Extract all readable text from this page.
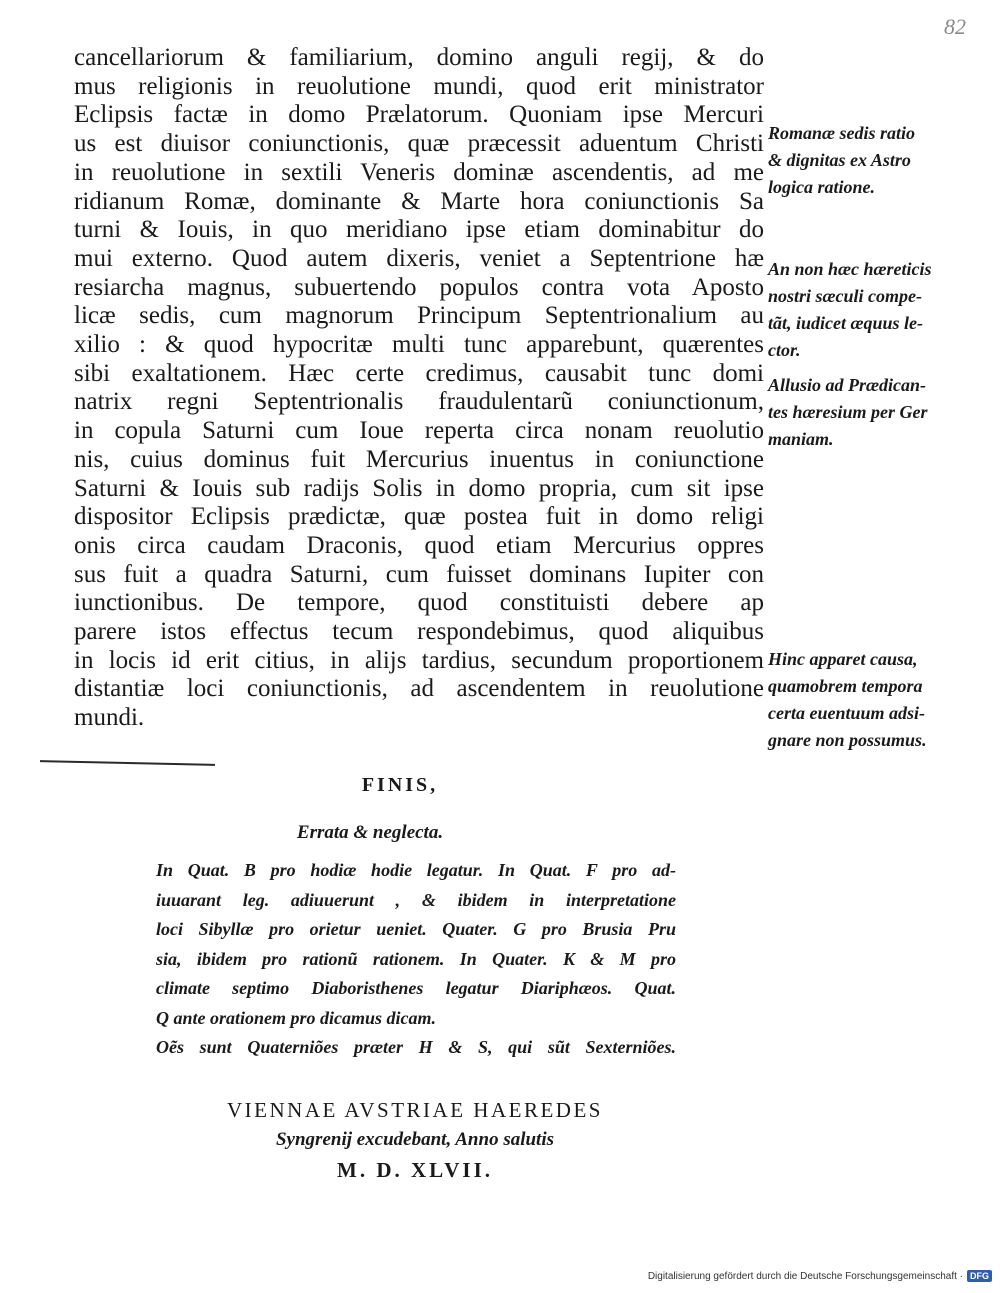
82
cancellariorum & familiarium, domino anguli regij, & do
mus religionis in reuolutione mundi, quod erit ministrator
Eclipsis factæ in domo Prælatorum. Quoniam ipse Mercuri
us est diuisor coniunctionis, quæ præcessit aduentum Christi
in reuolutione in sextili Veneris dominæ ascendentis, ad me
ridianum Romæ, dominante & Marte hora coniunctionis Sa
turni & Iouis, in quo meridiano ipse etiam dominabitur do
mui externo. Quod autem dixeris, veniet a Septentrione hæ
resiarcha magnus, subuertendo populos contra vota Aposto
licæ sedis, cum magnorum Principum Septentrionalium au
xilio : & quod hypocritæ multi tunc apparebunt, quærentes
sibi exaltationem. Hæc certe credimus, causabit tunc domi
natrix regni Septentrionalis fraudulentarũ coniunctionum,
in copula Saturni cum Ioue reperta circa nonam reuolutio
nis, cuius dominus fuit Mercurius inuentus in coniunctione
Saturni & Iouis sub radijs Solis in domo propria, cum sit ipse
dispositor Eclipsis prædictæ, quæ postea fuit in domo religi
onis circa caudam Draconis, quod etiam Mercurius oppres
sus fuit a quadra Saturni, cum fuisset dominans Iupiter con
iunctionibus. De tempore, quod constituisti debere ap
parere istos effectus tecum respondebimus, quod aliquibus
in locis id erit citius, in alijs tardius, secundum proportionem
distantiæ loci coniunctionis, ad ascendentem in reuolutione
mundi.
Romanæ sedis ratio
& dignitas ex Astro
logica ratione.
An non hæc hæreticis
nostri sæculi compe-
tãt, iudicet æquus le-
ctor.
Allusio ad Prædican-
tes hæresium per Ger
maniam.
Hinc apparet causa,
quamobrem tempora
certa euentuum adsi-
gnare non possumus.
FINIS,
Errata & neglecta.
In Quat. B pro hodiæ hodie legatur. In Quat. F pro ad-
iuuarant leg. adiuuerunt , & ibidem in interpretatione
loci Sibyllæ pro orietur ueniet. Quater. G pro Brusia Pru
sia, ibidem pro rationũ rationem. In Quater. K & M pro
climate septimo Diaboristhenes legatur Diariphæos. Quat.
Q ante orationem pro dicamus dicam.
Oẽs sunt Quaterniões præter H & S, qui sũt Sexterniões.
VIENNAE AVSTRIAE HAEREDES
Syngrenij excudebant, Anno salutis
M. D. XLVII.
Digitalisierung gefördert durch die Deutsche Forschungsgemeinschaft · DFG
